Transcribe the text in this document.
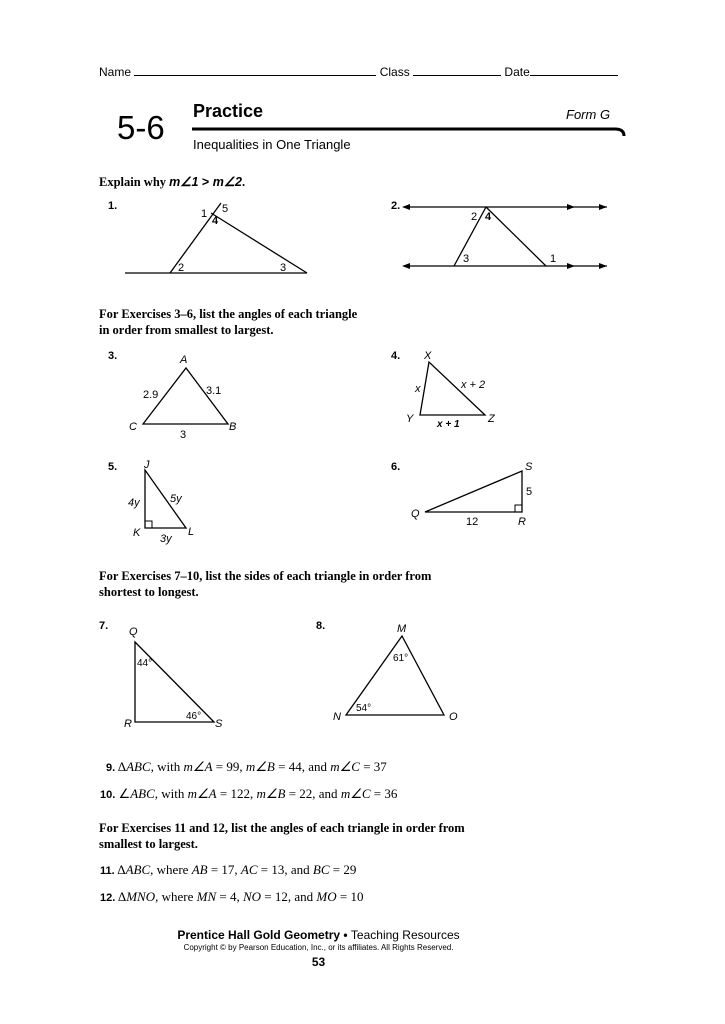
Name	Class	Date
5-6 Practice	Form G
Inequalities in One Triangle
Explain why m∠1 > m∠2.
1.
1 5
4
2	3
2.
2 4
3	1
For Exercises 3–6, list the angles of each triangle
in order from smallest to largest.
3.	A
B
C
2.9	3.1
3
4. X
Y	Z
x	x + 2
x + 1
5. J
K	L
4y	5y
3y
6.	S
Q
R
5
12
For Exercises 7–10, list the sides of each triangle in order from
shortest to longest.
7. Q
R	S
44°
46°
8.	M
N	O
61°
54°
9. ΔABC, with m∠A = 99, m∠B = 44, and m∠C = 37
10. ∠ABC, with m∠A = 122, m∠B = 22, and m∠C = 36
For Exercises 11 and 12, list the angles of each triangle in order from
smallest to largest.
11. ΔABC, where AB = 17, AC = 13, and BC = 29
12. ΔMNO, where MN = 4, NO = 12, and MO = 10
Prentice Hall Gold Geometry • Teaching Resources
Copyright © by Pearson Education, Inc., or its affiliates. All Rights Reserved.
53
